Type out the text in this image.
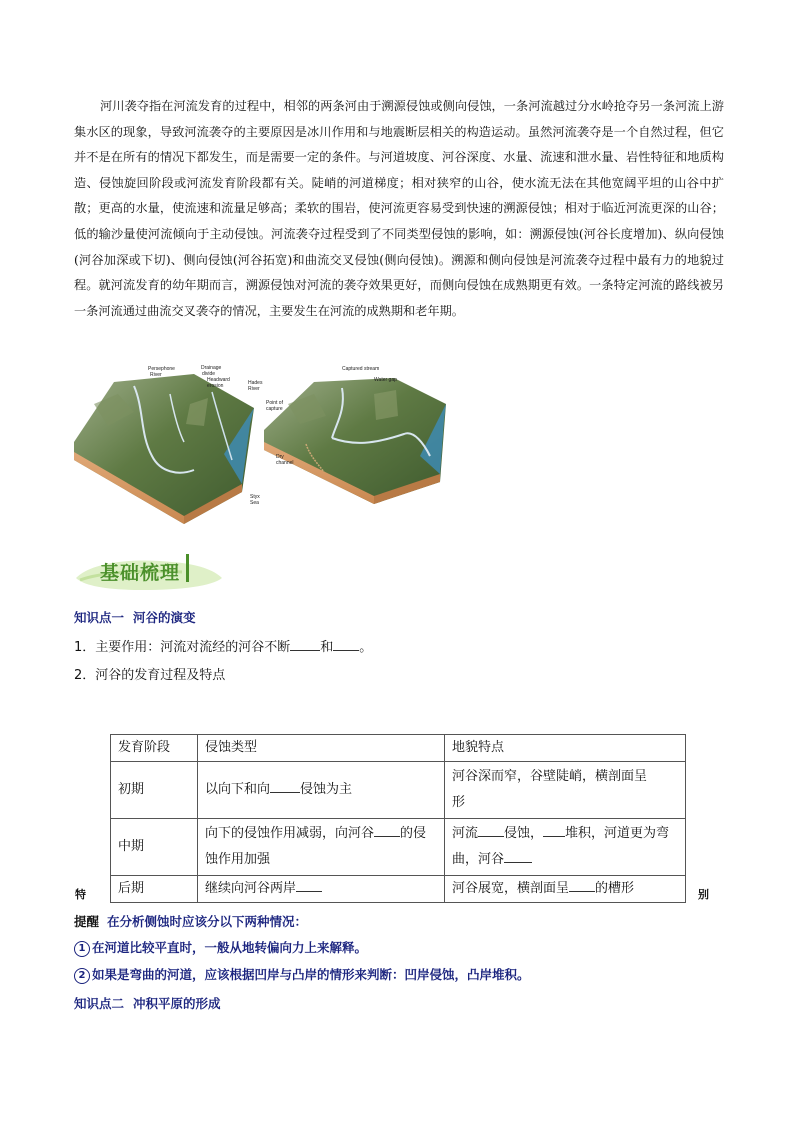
河川袭夺指在河流发育的过程中，相邻的两条河由于溯源侵蚀或侧向侵蚀，一条河流越过分水岭抢夺另一条河流上游集水区的现象，导致河流袭夺的主要原因是冰川作用和与地震断层相关的构造运动。虽然河流袭夺是一个自然过程，但它并不是在所有的情况下都发生，而是需要一定的条件。与河道坡度、河谷深度、水量、流速和泄水量、岩性特征和地质构造、侵蚀旋回阶段或河流发育阶段都有关。陡峭的河道梯度；相对狭窄的山谷，使水流无法在其他宽阔平坦的山谷中扩散；更高的水量，使流速和流量足够高；柔软的围岩，使河流更容易受到快速的溯源侵蚀；相对于临近河流更深的山谷；低的输沙量使河流倾向于主动侵蚀。河流袭夺过程受到了不同类型侵蚀的影响，如：溯源侵蚀(河谷长度增加)、纵向侵蚀(河谷加深或下切)、侧向侵蚀(河谷拓宽)和曲流交叉侵蚀(侧向侵蚀)。溯源和侧向侵蚀是河流袭夺过程中最有力的地貌过程。就河流发育的幼年期而言，溯源侵蚀对河流的袭夺效果更好，而侧向侵蚀在成熟期更有效。一条特定河流的路线被另一条河流通过曲流交叉袭夺的情况，主要发生在河流的成熟期和老年期。

Persephone
River
Drainage
divide
Headward
erosion	Hades
River
Styx
Sea
Captured stream
Water gap
Point of
capture
Dry
channel
基础梳理
知识点一 河谷的演变
1．主要作用：河流对流经的河谷不断 和 。
2．河谷的发育过程及特点
发育阶段	侵蚀类型	地貌特点
初期	以向下和向 侵蚀为主	河谷深而窄，谷壁陡峭，横剖面呈
形
中期	向下的侵蚀作用减弱，向河谷 的侵蚀作用加强	河流 侵蚀， 堆积，河道更为弯曲，河谷
后期	继续向河谷两岸	河谷展宽，横剖面呈 的槽形
特	别
提醒 在分析侧蚀时应该分以下两种情况：
1 在河道比较平直时，一般从地转偏向力上来解释。
2 如果是弯曲的河道，应该根据凹岸与凸岸的情形来判断：凹岸侵蚀，凸岸堆积。
知识点二 冲积平原的形成
